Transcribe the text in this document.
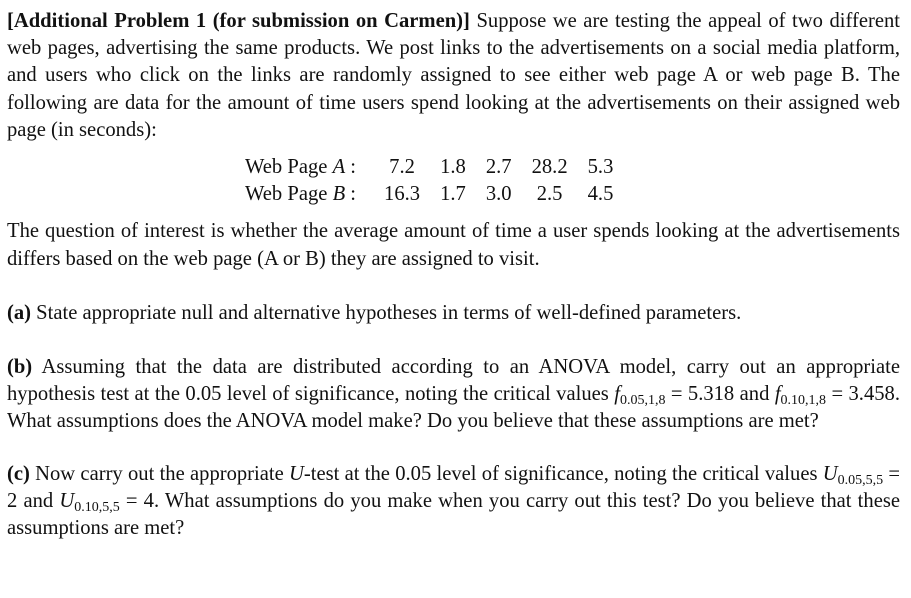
[Additional Problem 1 (for submission on Carmen)] Suppose we are testing the appeal of two different web pages, advertising the same products. We post links to the advertisements on a social media platform, and users who click on the links are randomly assigned to see either web page A or web page B. The following are data for the amount of time users spend looking at the advertisements on their assigned web page (in seconds):

Web Page A :	7.2	1.8	2.7	28.2	5.3
Web Page B :	16.3	1.7	3.0	2.5	4.5

The question of interest is whether the average amount of time a user spends looking at the advertisements differs based on the web page (A or B) they are assigned to visit.

(a) State appropriate null and alternative hypotheses in terms of well-defined parameters.

(b) Assuming that the data are distributed according to an ANOVA model, carry out an appropriate hypothesis test at the 0.05 level of significance, noting the critical values $f_{0.05,1,8} = 5.318$ and $f_{0.10,1,8} = 3.458$. What assumptions does the ANOVA model make? Do you believe that these assumptions are met?

(c) Now carry out the appropriate U-test at the 0.05 level of significance, noting the critical values $U_{0.05,5,5} = 2$ and $U_{0.10,5,5} = 4$. What assumptions do you make when you carry out this test? Do you believe that these assumptions are met?
